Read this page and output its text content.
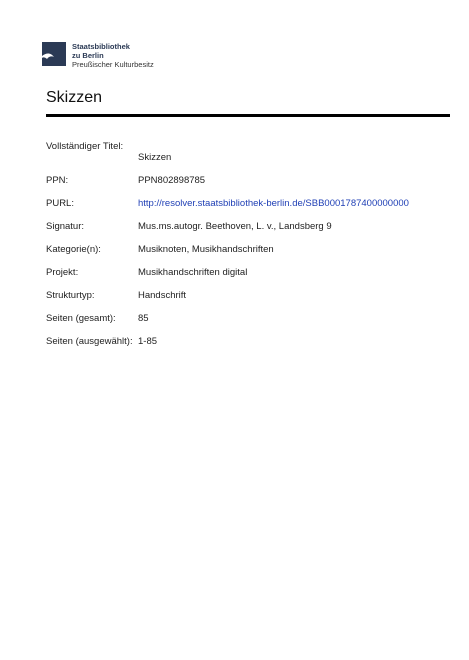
Staatsbibliothek
zu Berlin
Preußischer Kulturbesitz
Skizzen
Vollständiger Titel:
Skizzen
PPN:	PPN802898785
PURL:	http://resolver.staatsbibliothek-berlin.de/SBB0001787400000000
Signatur:	Mus.ms.autogr. Beethoven, L. v., Landsberg 9
Kategorie(n):	Musiknoten, Musikhandschriften
Projekt:	Musikhandschriften digital
Strukturtyp:	Handschrift
Seiten (gesamt):	85
Seiten (ausgewählt): 1-85
